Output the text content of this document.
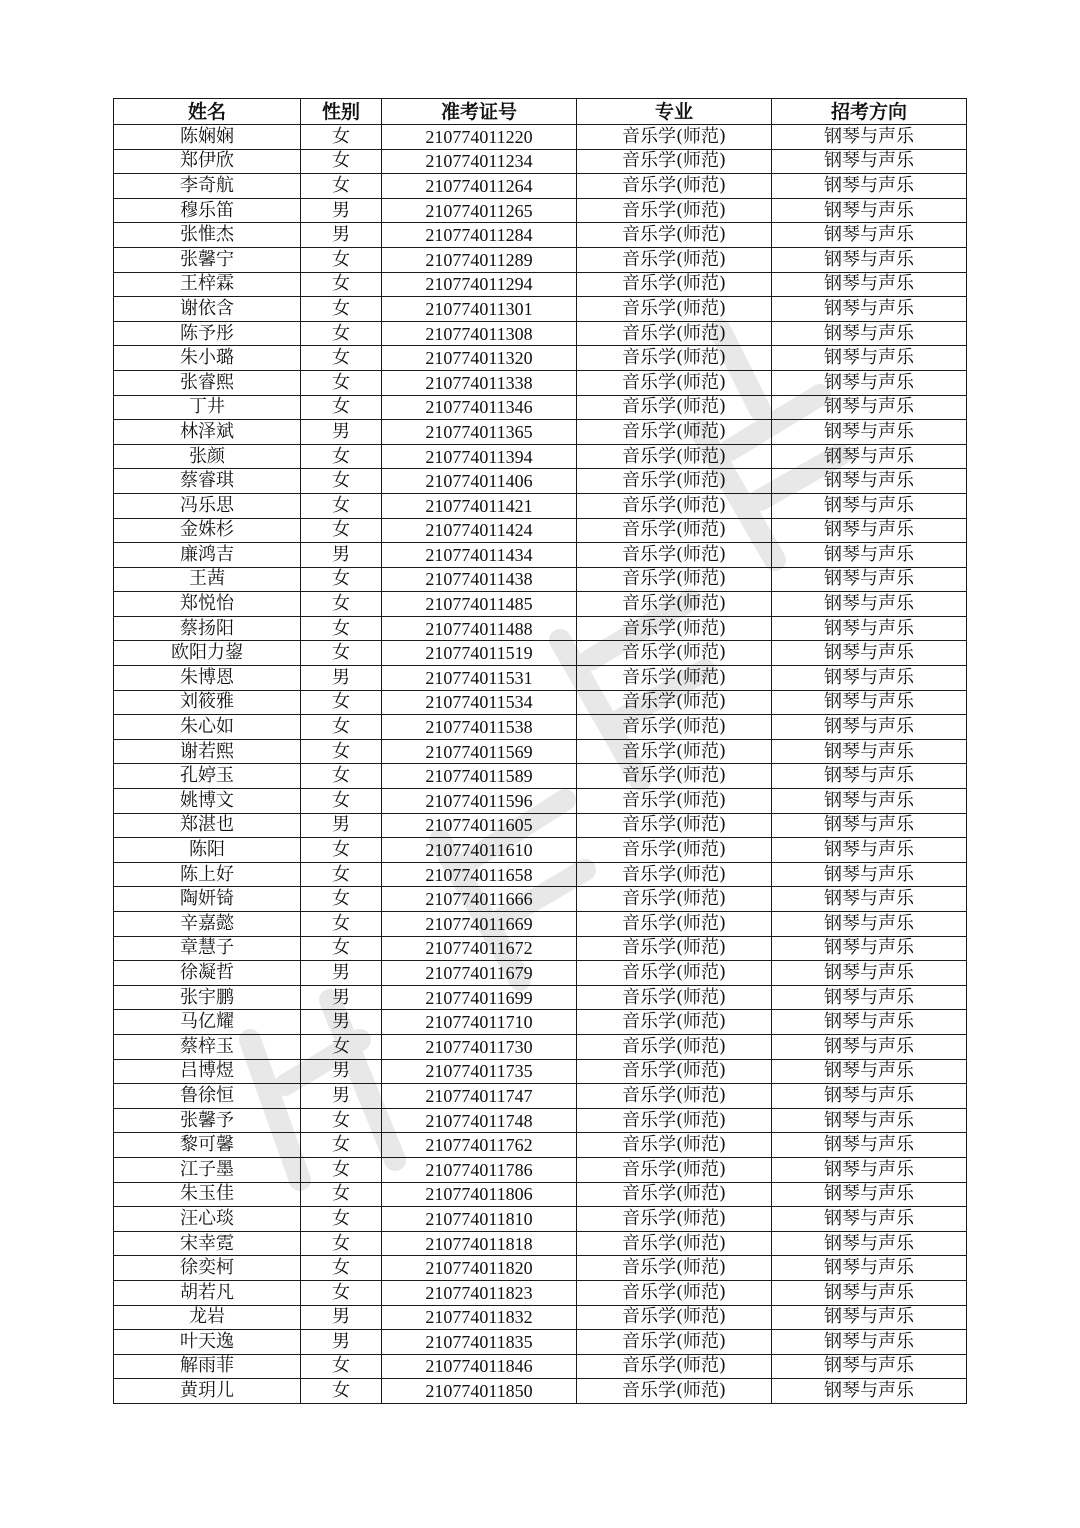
姓名	性别	准考证号	专业	招考方向
陈娴娴	女	210774011220	音乐学(师范)	钢琴与声乐
郑伊欣	女	210774011234	音乐学(师范)	钢琴与声乐
李奇航	女	210774011264	音乐学(师范)	钢琴与声乐
穆乐笛	男	210774011265	音乐学(师范)	钢琴与声乐
张惟杰	男	210774011284	音乐学(师范)	钢琴与声乐
张馨宁	女	210774011289	音乐学(师范)	钢琴与声乐
王梓霖	女	210774011294	音乐学(师范)	钢琴与声乐
谢依含	女	210774011301	音乐学(师范)	钢琴与声乐
陈予彤	女	210774011308	音乐学(师范)	钢琴与声乐
朱小璐	女	210774011320	音乐学(师范)	钢琴与声乐
张睿熙	女	210774011338	音乐学(师范)	钢琴与声乐
丁井	女	210774011346	音乐学(师范)	钢琴与声乐
林泽斌	男	210774011365	音乐学(师范)	钢琴与声乐
张颜	女	210774011394	音乐学(师范)	钢琴与声乐
蔡睿琪	女	210774011406	音乐学(师范)	钢琴与声乐
冯乐思	女	210774011421	音乐学(师范)	钢琴与声乐
金姝杉	女	210774011424	音乐学(师范)	钢琴与声乐
廉鸿吉	男	210774011434	音乐学(师范)	钢琴与声乐
王茜	女	210774011438	音乐学(师范)	钢琴与声乐
郑悦怡	女	210774011485	音乐学(师范)	钢琴与声乐
蔡扬阳	女	210774011488	音乐学(师范)	钢琴与声乐
欧阳力鋆	女	210774011519	音乐学(师范)	钢琴与声乐
朱博恩	男	210774011531	音乐学(师范)	钢琴与声乐
刘筱雅	女	210774011534	音乐学(师范)	钢琴与声乐
朱心如	女	210774011538	音乐学(师范)	钢琴与声乐
谢若熙	女	210774011569	音乐学(师范)	钢琴与声乐
孔婷玉	女	210774011589	音乐学(师范)	钢琴与声乐
姚博文	女	210774011596	音乐学(师范)	钢琴与声乐
郑湛也	男	210774011605	音乐学(师范)	钢琴与声乐
陈阳	女	210774011610	音乐学(师范)	钢琴与声乐
陈上好	女	210774011658	音乐学(师范)	钢琴与声乐
陶妍锜	女	210774011666	音乐学(师范)	钢琴与声乐
辛嘉懿	女	210774011669	音乐学(师范)	钢琴与声乐
章慧子	女	210774011672	音乐学(师范)	钢琴与声乐
徐凝哲	男	210774011679	音乐学(师范)	钢琴与声乐
张宇鹏	男	210774011699	音乐学(师范)	钢琴与声乐
马亿耀	男	210774011710	音乐学(师范)	钢琴与声乐
蔡梓玉	女	210774011730	音乐学(师范)	钢琴与声乐
吕博煜	男	210774011735	音乐学(师范)	钢琴与声乐
鲁徐恒	男	210774011747	音乐学(师范)	钢琴与声乐
张馨予	女	210774011748	音乐学(师范)	钢琴与声乐
黎可馨	女	210774011762	音乐学(师范)	钢琴与声乐
江子墨	女	210774011786	音乐学(师范)	钢琴与声乐
朱玉佳	女	210774011806	音乐学(师范)	钢琴与声乐
汪心琰	女	210774011810	音乐学(师范)	钢琴与声乐
宋幸霓	女	210774011818	音乐学(师范)	钢琴与声乐
徐奕柯	女	210774011820	音乐学(师范)	钢琴与声乐
胡若凡	女	210774011823	音乐学(师范)	钢琴与声乐
龙岩	男	210774011832	音乐学(师范)	钢琴与声乐
叶天逸	男	210774011835	音乐学(师范)	钢琴与声乐
解雨菲	女	210774011846	音乐学(师范)	钢琴与声乐
黄玥儿	女	210774011850	音乐学(师范)	钢琴与声乐
